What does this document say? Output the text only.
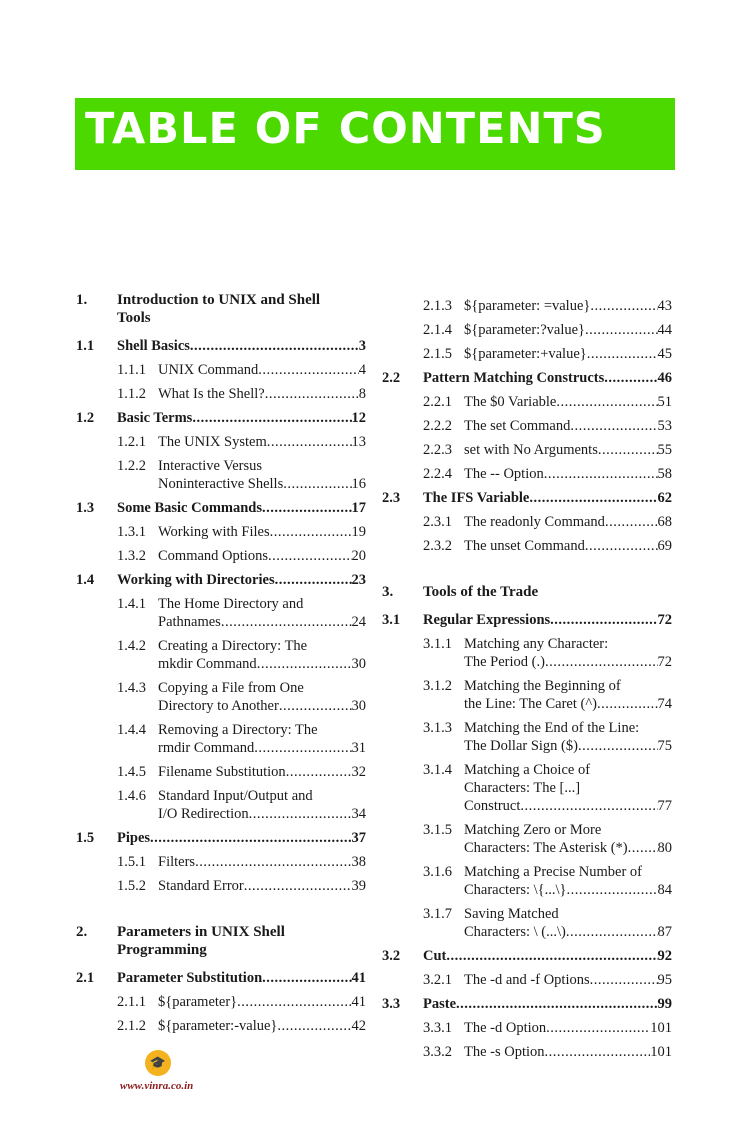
TABLE OF CONTENTS
1.	Introduction to UNIX and Shell
Tools
1.1	Shell Basics .....	3
1.1.1 UNIX Command .....	4
1.1.2 What Is the Shell? .....	8
1.2	Basic Terms .....	12
1.2.1 The UNIX System .....	13
1.2.2 Interactive Versus
Noninteractive Shells .....	16
1.3	Some Basic Commands .....	17
1.3.1 Working with Files .....	19
1.3.2 Command Options .....	20
1.4	Working with Directories .....	23
1.4.1 The Home Directory and
Pathnames .....	24
1.4.2 Creating a Directory: The
mkdir Command .....	30
1.4.3 Copying a File from One
Directory to Another .....	30
1.4.4 Removing a Directory: The
rmdir Command .....	31
1.4.5 Filename Substitution .....	32
1.4.6 Standard Input/Output and
I/O Redirection .....	34
1.5	Pipes .....	37
1.5.1 Filters .....	38
1.5.2 Standard Error .....	39
2.	Parameters in UNIX Shell
Programming
2.1	Parameter Substitution .....	41
2.1.1 ${parameter} .....	41
2.1.2 ${parameter:-value} .....	42
2.1.3 ${parameter: =value} .....	43
2.1.4 ${parameter:?value} .....	44
2.1.5 ${parameter:+value} .....	45
2.2	Pattern Matching Constructs .....	46
2.2.1 The $0 Variable .....	51
2.2.2 The set Command .....	53
2.2.3 set with No Arguments .....	55
2.2.4 The -- Option .....	58
2.3	The IFS Variable .....	62
2.3.1 The readonly Command .....	68
2.3.2 The unset Command .....	69
3.	Tools of the Trade
3.1	Regular Expressions .....	72
3.1.1 Matching any Character:
The Period (.) .....	72
3.1.2 Matching the Beginning of
the Line: The Caret (^) .....	74
3.1.3 Matching the End of the Line:
The Dollar Sign ($) .....	75
3.1.4 Matching a Choice of
Characters: The [...]
Construct .....	77
3.1.5 Matching Zero or More
Characters: The Asterisk (*) ..... 80
3.1.6 Matching a Precise Number of
Characters: \{...\} .....	84
3.1.7 Saving Matched
Characters: \ (...\) .....	87
3.2	Cut .....	92
3.2.1 The -d and -f Options .....	95
3.3	Paste .....	99
3.3.1 The -d Option .....	101
3.3.2 The -s Option .....	101
🎓
www.vinra.co.in
